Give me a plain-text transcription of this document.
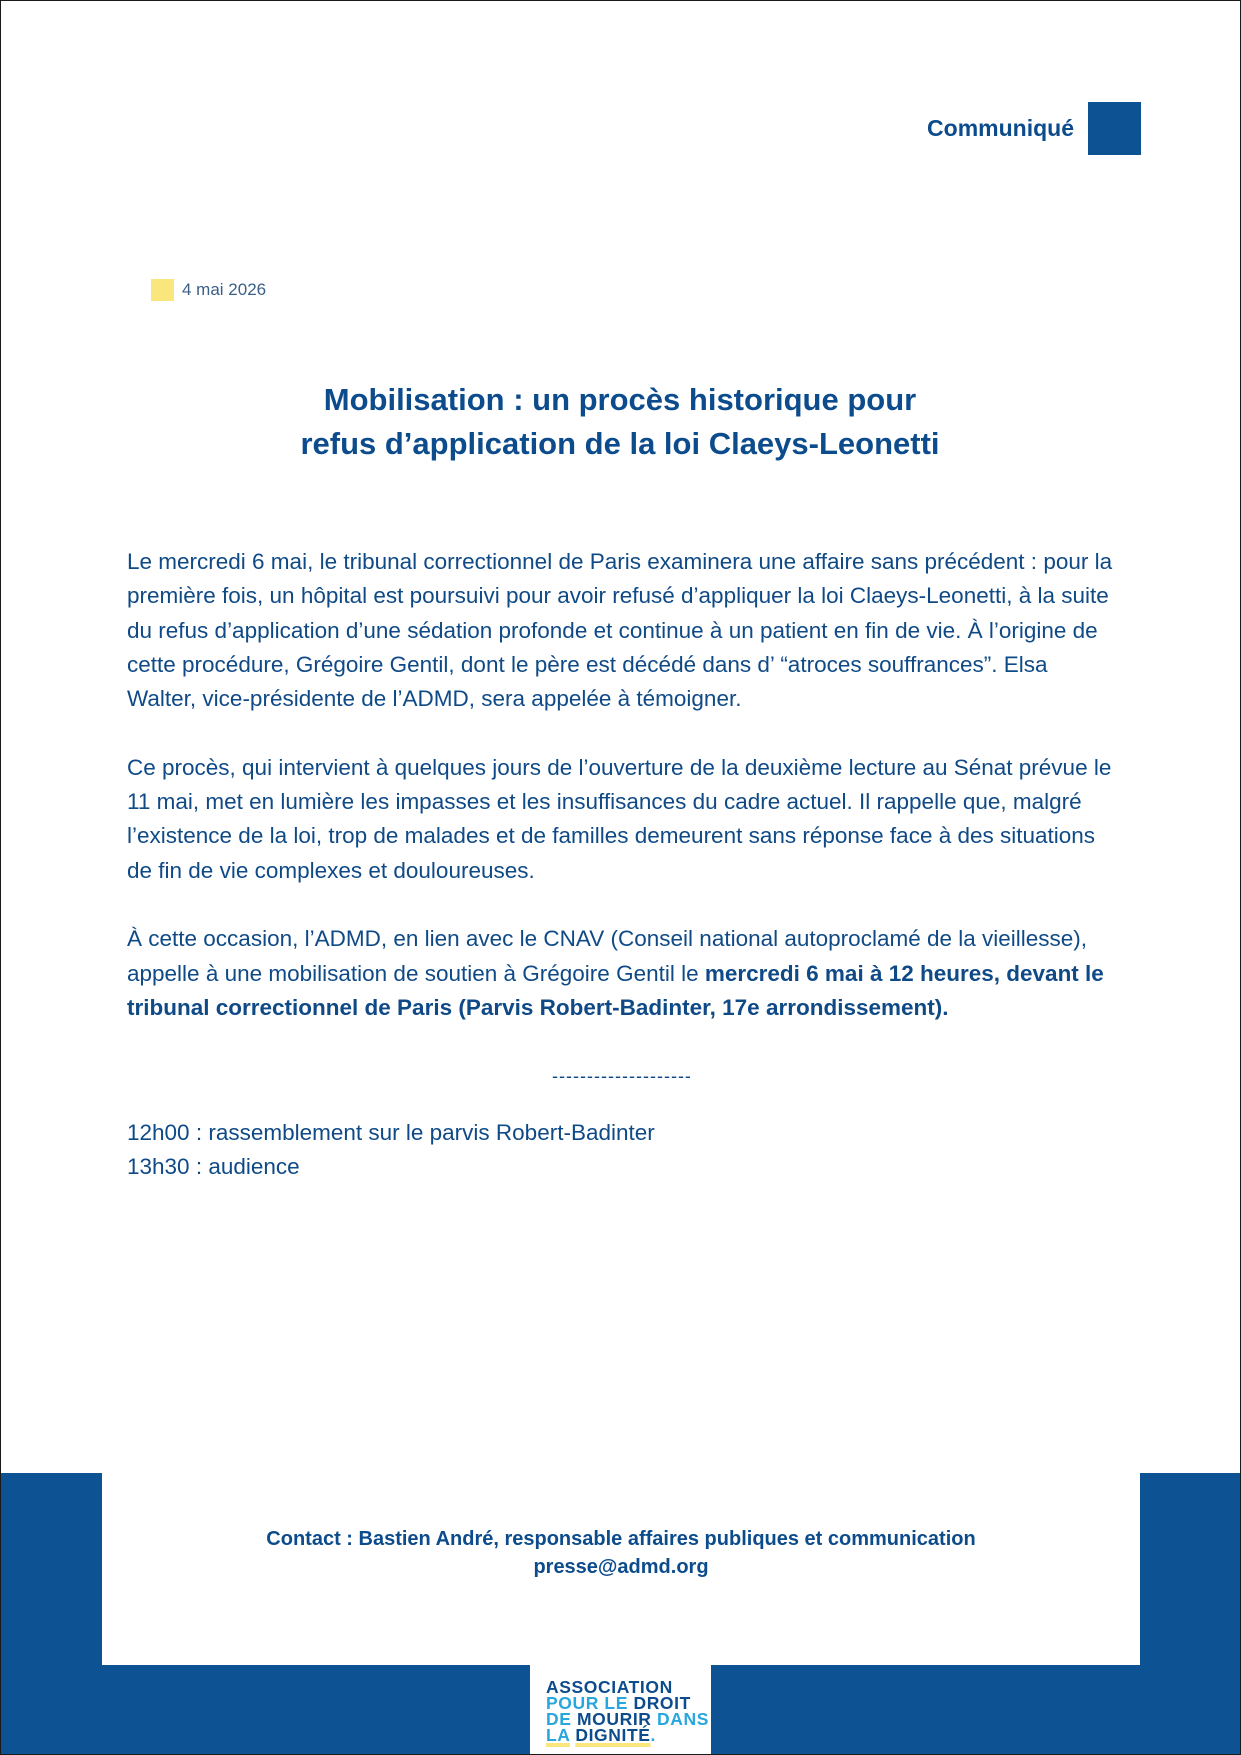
Communiqué
4 mai 2026
Mobilisation : un procès historique pour
refus d’application de la loi Claeys-Leonetti

Le mercredi 6 mai, le tribunal correctionnel de Paris examinera une affaire sans précédent : pour la première fois, un hôpital est poursuivi pour avoir refusé d’appliquer la loi Claeys-Leonetti, à la suite du refus d’application d’une sédation profonde et continue à un patient en fin de vie. À l’origine de cette procédure, Grégoire Gentil, dont le père est décédé dans d’ “atroces souffrances”. Elsa Walter, vice-présidente de l’ADMD, sera appelée à témoigner.

Ce procès, qui intervient à quelques jours de l’ouverture de la deuxième lecture au Sénat prévue le 11 mai, met en lumière les impasses et les insuffisances du cadre actuel. Il rappelle que, malgré l’existence de la loi, trop de malades et de familles demeurent sans réponse face à des situations de fin de vie complexes et douloureuses.

À cette occasion, l’ADMD, en lien avec le CNAV (Conseil national autoproclamé de la vieillesse), appelle à une mobilisation de soutien à Grégoire Gentil le mercredi 6 mai à 12 heures, devant le tribunal correctionnel de Paris (Parvis Robert-Badinter, 17e arrondissement).

--------------------
12h00 : rassemblement sur le parvis Robert-Badinter
13h30 : audience
Contact : Bastien André, responsable affaires publiques et communication
presse@admd.org
ASSOCIATION
POUR LE DROIT
DE MOURIR DANS
LA DIGNITÉ.
